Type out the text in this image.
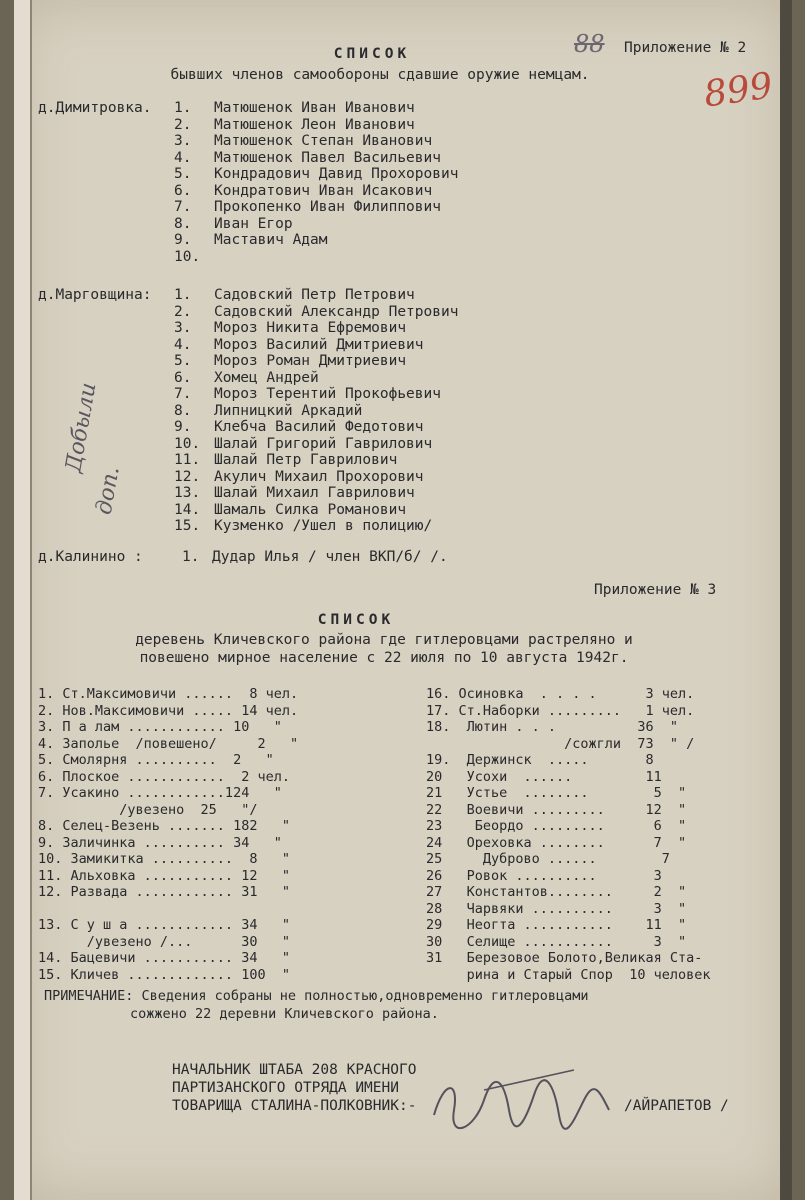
88 Приложение № 2
899
СПИСОК
бывших членов самообороны сдавшие оружие немцам.
д.Димитровка. 1. Матюшенок Иван Иванович
2. Матюшенок Леон Иванович
3. Матюшенок Степан Иванович
4. Матюшенок Павел Васильевич
5. Кондрадович Давид Прохорович
6. Кондратович Иван Исакович
7. Прокопенко Иван Филиппович
8. Иван Егор
9. Маставич Адам
10.
д.Марговщина: 1. Садовский Петр Петрович
2. Садовский Александр Петрович
3. Мороз Никита Ефремович
4. Мороз Василий Дмитриевич
5. Мороз Роман Дмитриевич
6. Хомец Андрей
7. Мороз Терентий Прокофьевич
8. Липницкий Аркадий
9. Клебча Василий Федотович
10. Шалай Григорий Гаврилович
11. Шалай Петр Гаврилович
12. Акулич Михаил Прохорович
13. Шалай Михаил Гаврилович
14. Шамаль Силка Романович
15. Кузменко /Ушел в полицию/
д.Калинино :	1. Дудар Илья / член ВКП/б/ /.
Добыли
доп.
Приложение № 3
СПИСОК
деревень Кличевского района где гитлеровцами растреляно и
повешено мирное население с 22 июля по 10 августа 1942г.
1. Ст.Максимовичи ......  8 чел.
2. Нов.Максимовичи ..... 14 чел.
3. П а лам ............ 10   "
4. Запольe  /повешено/     2   "
5. Смолярня ..........  2   "
6. Плоское ............  2 чел.
7. Усакино ............124   "
/увезено  25   "/
8. Селец-Везень ....... 182   "
9. Заличинка .......... 34   "
10. Замикитка ..........  8   "
11. Альховка ........... 12   "
12. Развада ............ 31   "
13. С у ш а ............ 34   "
/увезено /...      30   "
14. Бацевичи ........... 34   "
15. Кличев ............. 100  "
16. Осиновка  . . . .      3 чел.
17. Ст.Наборки .........   1 чел.
18.  Лютин . . .          36  "
/сожгли  73  " /
19.  Держинск  .....       8
20   Усохи  ......         11
21   Устье  ........        5  "
22   Воевичи .........     12  "
23    Беордо .........      6  "
24   Ореховка ........      7  "
25     Дуброво ......        7
26   Ровок ..........       3
27   Константов........     2  "
28   Чарвяки ..........     3  "
29   Неогта ...........    11  "
30   Селище ...........     3  "
31   Березовое Болото,Великая Ста-
рина и Старый Спор  10 человек
ПРИМЕЧАНИЕ: Сведения собраны не полностью,одновременно гитлеровцами
сожжено 22 деревни Кличевского района.
НАЧАЛЬНИК ШТАБА 208 КРАСНОГО
ПАРТИЗАНСКОГО ОТРЯДА ИМЕНИ
ТОВАРИЩА СТАЛИНА-ПОЛКОВНИК:-	/АЙРАПЕТОВ /
